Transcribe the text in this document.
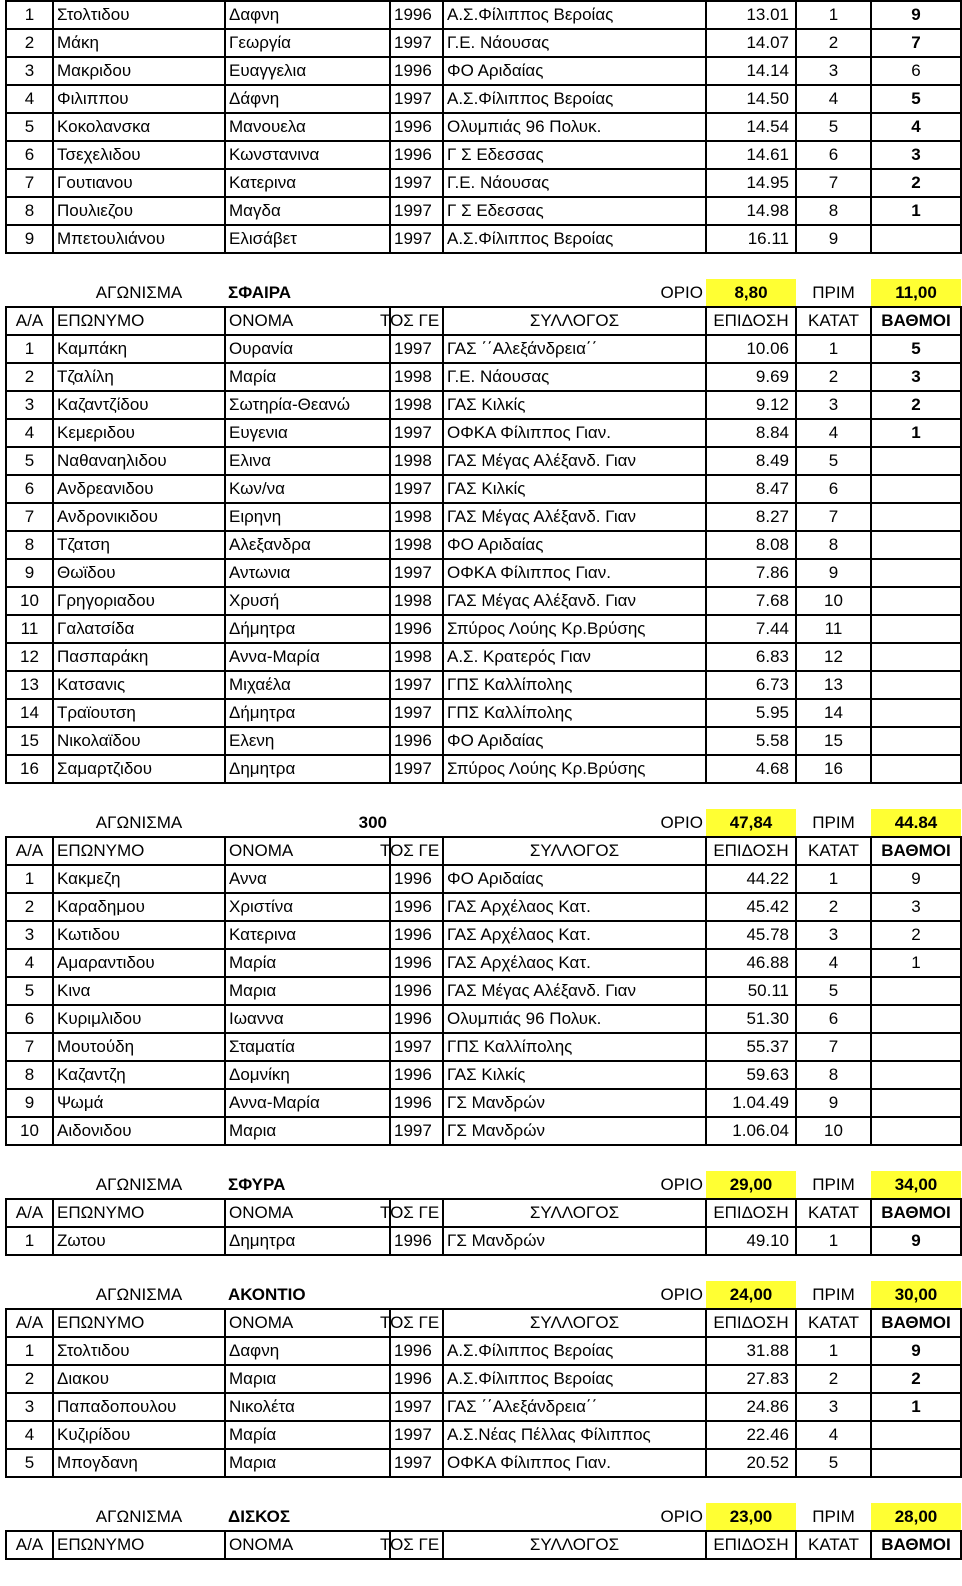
1	Στολτιδου	Δαφνη	1996	Α.Σ.Φίλιππος Βεροίας	13.01	1	9
2	Μάκη	Γεωργία	1997	Γ.Ε. Νάουσας	14.07	2	7
3	Μακριδου	Ευαγγελια	1996	ΦΟ Αριδαίας	14.14	3	6
4	Φιλιππου	Δάφνη	1997	Α.Σ.Φίλιππος Βεροίας	14.50	4	5
5	Κοκολανσκα	Μανουελα	1996	Ολυμπιάς 96 Πολυκ.	14.54	5	4
6	Τσεχελιδου	Κωνστανινα	1996	Γ Σ Εδεσσας	14.61	6	3
7	Γουτιανου	Κατερινα	1997	Γ.Ε. Νάουσας	14.95	7	2
8	Πουλιεζου	Μαγδα	1997	Γ Σ Εδεσσας	14.98	8	1
9	Μπετουλιάνου	Ελισάβετ	1997	Α.Σ.Φίλιππος Βεροίας	16.11	9	

	ΑΓΩΝΙΣΜΑ	ΣΦΑΙΡΑ	ΟΡΙΟ		8,80	ΠΡΙΜ	11,00
Α/Α	ΕΠΩΝΥΜΟ	ΟΝΟΜΑ	ΤΟΣ ΓΕ	ΣΥΛΛΟΓΟΣ	ΕΠΙΔΟΣΗ	ΚΑΤΑΤ	ΒΑΘΜΟΙ
1	Καμπάκη	Ουρανία	1997	ΓΑΣ ΄΄Αλεξάνδρεια΄΄	10.06	1	5
2	Τζαλίλη	Μαρία	1998	Γ.Ε. Νάουσας	9.69	2	3
3	Καζαντζίδου	Σωτηρία-Θεανώ	1998	ΓΑΣ Κιλκίς	9.12	3	2
4	Κεμεριδου	Ευγενια	1997	ΟΦΚΑ Φίλιππος Γιαν.	8.84	4	1
5	Ναθαναηλιδου	Ελινα	1998	ΓΑΣ Μέγας Αλέξανδ. Γιαν	8.49	5	
6	Ανδρεανιδου	Κων/να	1997	ΓΑΣ Κιλκίς	8.47	6	
7	Ανδρονικιδου	Ειρηνη	1998	ΓΑΣ Μέγας Αλέξανδ. Γιαν	8.27	7	
8	Τζατση	Αλεξανδρα	1998	ΦΟ Αριδαίας	8.08	8	
9	Θωϊδου	Αντωνια	1997	ΟΦΚΑ Φίλιππος Γιαν.	7.86	9	
10	Γρηγοριαδου	Χρυσή	1998	ΓΑΣ Μέγας Αλέξανδ. Γιαν	7.68	10	
11	Γαλατσίδα	Δήμητρα	1996	Σπύρος Λούης Κρ.Βρύσης	7.44	11	
12	Πασπαράκη	Αννα-Μαρία	1998	Α.Σ. Κρατερός Γιαν	6.83	12	
13	Κατσανις	Μιχαέλα	1997	ΓΠΣ Καλλίπολης	6.73	13	
14	Τραϊουτση	Δήμητρα	1997	ΓΠΣ Καλλίπολης	5.95	14	
15	Νικολαϊδου	Ελενη	1996	ΦΟ Αριδαίας	5.58	15	
16	Σαμαρτζιδου	Δημητρα	1997	Σπύρος Λούης Κρ.Βρύσης	4.68	16	

	ΑΓΩΝΙΣΜΑ	300	ΟΡΙΟ		47,84	ΠΡΙΜ	44.84
Α/Α	ΕΠΩΝΥΜΟ	ΟΝΟΜΑ	ΤΟΣ ΓΕ	ΣΥΛΛΟΓΟΣ	ΕΠΙΔΟΣΗ	ΚΑΤΑΤ	ΒΑΘΜΟΙ
1	Κακμεζη	Αννα	1996	ΦΟ Αριδαίας	44.22	1	9
2	Καραδημου	Χριστίνα	1996	ΓΑΣ Αρχέλαος Κατ.	45.42	2	3
3	Κωτιδου	Κατερινα	1996	ΓΑΣ Αρχέλαος Κατ.	45.78	3	2
4	Αμαραντιδου	Μαρία	1996	ΓΑΣ Αρχέλαος Κατ.	46.88	4	1
5	Κινα	Μαρια	1996	ΓΑΣ Μέγας Αλέξανδ. Γιαν	50.11	5	
6	Κυριμλιδου	Ιωαννα	1996	Ολυμπιάς 96 Πολυκ.	51.30	6	
7	Μουτούδη	Σταματία	1997	ΓΠΣ Καλλίπολης	55.37	7	
8	Καζαντζη	Δομνίκη	1996	ΓΑΣ Κιλκίς	59.63	8	
9	Ψωμά	Αννα-Μαρία	1996	ΓΣ Μανδρών	1.04.49	9	
10	Αιδονιδου	Μαρια	1997	ΓΣ Μανδρών	1.06.04	10	

	ΑΓΩΝΙΣΜΑ	ΣΦΥΡΑ	ΟΡΙΟ		29,00	ΠΡΙΜ	34,00
Α/Α	ΕΠΩΝΥΜΟ	ΟΝΟΜΑ	ΤΟΣ ΓΕ	ΣΥΛΛΟΓΟΣ	ΕΠΙΔΟΣΗ	ΚΑΤΑΤ	ΒΑΘΜΟΙ
1	Ζωτου	Δημητρα	1996	ΓΣ Μανδρών	49.10	1	9

	ΑΓΩΝΙΣΜΑ	ΑΚΟΝΤΙΟ	ΟΡΙΟ		24,00	ΠΡΙΜ	30,00
Α/Α	ΕΠΩΝΥΜΟ	ΟΝΟΜΑ	ΤΟΣ ΓΕ	ΣΥΛΛΟΓΟΣ	ΕΠΙΔΟΣΗ	ΚΑΤΑΤ	ΒΑΘΜΟΙ
1	Στολτιδου	Δαφνη	1996	Α.Σ.Φίλιππος Βεροίας	31.88	1	9
2	Διακου	Μαρια	1996	Α.Σ.Φίλιππος Βεροίας	27.83	2	2
3	Παπαδοπουλου	Νικολέτα	1997	ΓΑΣ ΄΄Αλεξάνδρεια΄΄	24.86	3	1
4	Κυζιρίδου	Μαρία	1997	Α.Σ.Νέας Πέλλας Φίλιππος	22.46	4	
5	Μπογδανη	Μαρια	1997	ΟΦΚΑ Φίλιππος Γιαν.	20.52	5	

	ΑΓΩΝΙΣΜΑ	ΔΙΣΚΟΣ	ΟΡΙΟ		23,00	ΠΡΙΜ	28,00
Α/Α	ΕΠΩΝΥΜΟ	ΟΝΟΜΑ	ΤΟΣ ΓΕ	ΣΥΛΛΟΓΟΣ	ΕΠΙΔΟΣΗ	ΚΑΤΑΤ	ΒΑΘΜΟΙ
